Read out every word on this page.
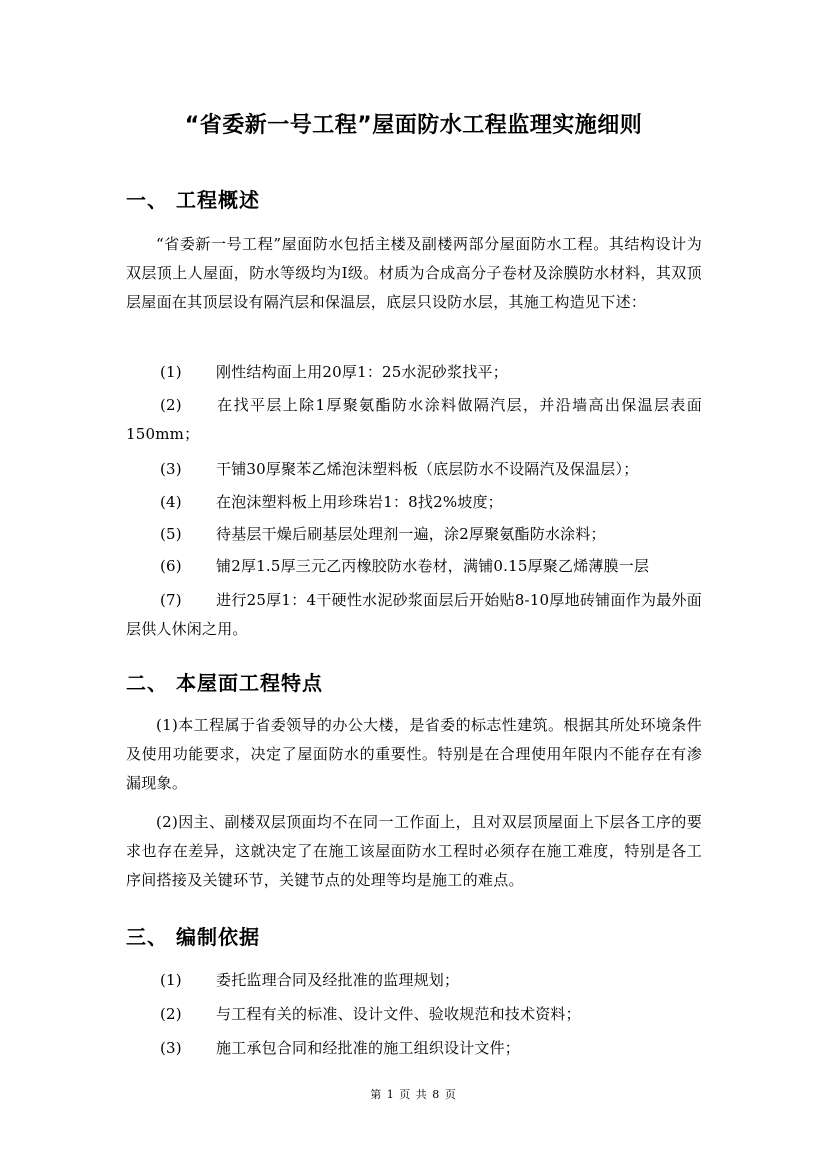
“省委新一号工程”屋面防水工程监理实施细则
一、 工程概述
“省委新一号工程”屋面防水包括主楼及副楼两部分屋面防水工程。其结构设计为双层顶上人屋面，防水等级均为Ⅰ级。材质为合成高分子卷材及涂膜防水材料，其双顶层屋面在其顶层设有隔汽层和保温层，底层只设防水层，其施工构造见下述：
(1) 刚性结构面上用20厚1：25水泥砂浆找平；
(2) 在找平层上除1厚聚氨酯防水涂料做隔汽层，并沿墙高出保温层表面150mm；
(3) 干铺30厚聚苯乙烯泡沫塑料板（底层防水不设隔汽及保温层）；
(4) 在泡沫塑料板上用珍珠岩1：8找2%坡度；
(5) 待基层干燥后刷基层处理剂一遍，涂2厚聚氨酯防水涂料；
(6) 铺2厚1.5厚三元乙丙橡胶防水卷材，满铺0.15厚聚乙烯薄膜一层
(7) 进行25厚1：4干硬性水泥砂浆面层后开始贴8-10厚地砖铺面作为最外面层供人休闲之用。
二、 本屋面工程特点
(1)本工程属于省委领导的办公大楼，是省委的标志性建筑。根据其所处环境条件及使用功能要求，决定了屋面防水的重要性。特别是在合理使用年限内不能存在有渗漏现象。
(2)因主、副楼双层顶面均不在同一工作面上，且对双层顶屋面上下层各工序的要求也存在差异，这就决定了在施工该屋面防水工程时必须存在施工难度，特别是各工序间搭接及关键环节，关键节点的处理等均是施工的难点。
三、 编制依据
(1) 委托监理合同及经批准的监理规划；
(2) 与工程有关的标准、设计文件、验收规范和技术资料；
(3) 施工承包合同和经批准的施工组织设计文件；
第 1 页 共 8 页
